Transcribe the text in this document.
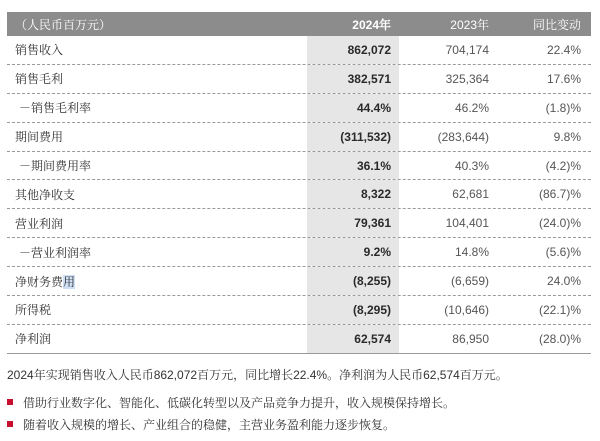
（人民币百万元）	2024年	2023年	同比变动
销售收入	862,072	704,174	22.4%
销售毛利	382,571	325,364	17.6%
－销售毛利率	44.4%	46.2%	(1.8)%
期间费用	(311,532)	(283,644)	9.8%
－期间费用率	36.1%	40.3%	(4.2)%
其他净收支	8,322	62,681	(86.7)%
营业利润	79,361	104,401	(24.0)%
－营业利润率	9.2%	14.8%	(5.6)%
净财务费用	(8,255)	(6,659)	24.0%
所得税	(8,295)	(10,646)	(22.1)%
净利润	62,574	86,950	(28.0)%
2024年实现销售收入人民币862,072百万元，同比增长22.4%。净利润为人民币62,574百万元。
借助行业数字化、智能化、低碳化转型以及产品竞争力提升，收入规模保持增长。
随着收入规模的增长、产业组合的稳健，主营业务盈利能力逐步恢复。
